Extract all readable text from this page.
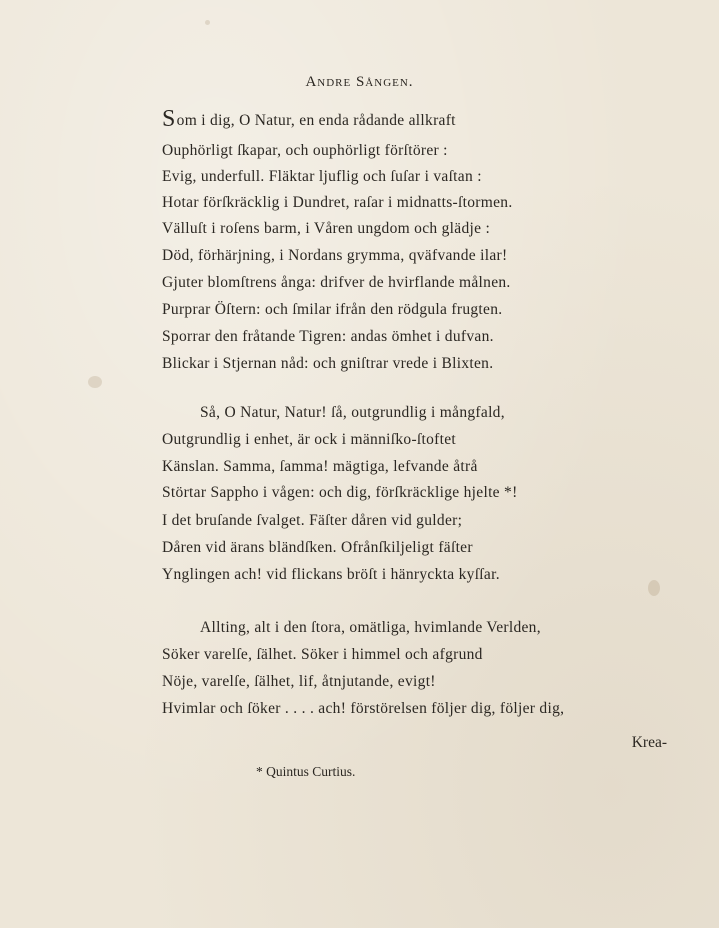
Andre Sången.
Som i dig, O Natur, en enda rådande allkraft
Ouphörligt ſkapar, och ouphörligt förſtörer :
Evig, underfull. Fläktar ljuflig och ſuſar i vaſtan :
Hotar förſkräcklig i Dundret, raſar i midnatts-ſtormen.
Välluſt i roſens barm, i Våren ungdom och glädje :
Död, förhärjning, i Nordans grymma, qväfvande ilar!
Gjuter blomſtrens ånga: drifver de hvirflande målnen.
Purprar Öſtern: och ſmilar ifrån den rödgula frugten.
Sporrar den fråtande Tigren: andas ömhet i dufvan.
Blickar i Stjernan nåd: och gniſtrar vrede i Blixten.
Så, O Natur, Natur! ſå, outgrundlig i mångfald,
Outgrundlig i enhet, är ock i männiſko-ſtoftet
Känslan. Samma, ſamma! mägtiga, lefvande åtrå
Störtar Sappho i vågen: och dig, förſkräcklige hjelte *!
I det bruſande ſvalget. Fäſter dåren vid gulder;
Dåren vid ärans bländſken. Ofrånſkiljeligt fäſter
Ynglingen ach! vid flickans bröſt i hänryckta kyſſar.
Allting, alt i den ſtora, omätliga, hvimlande Verlden,
Söker varelſe, ſälhet. Söker i himmel och afgrund
Nöje, varelſe, ſälhet, lif, åtnjutande, evigt!
Hvimlar och ſöker . . . . ach! förstörelsen följer dig, följer dig,
Krea-
* Quintus Curtius.
